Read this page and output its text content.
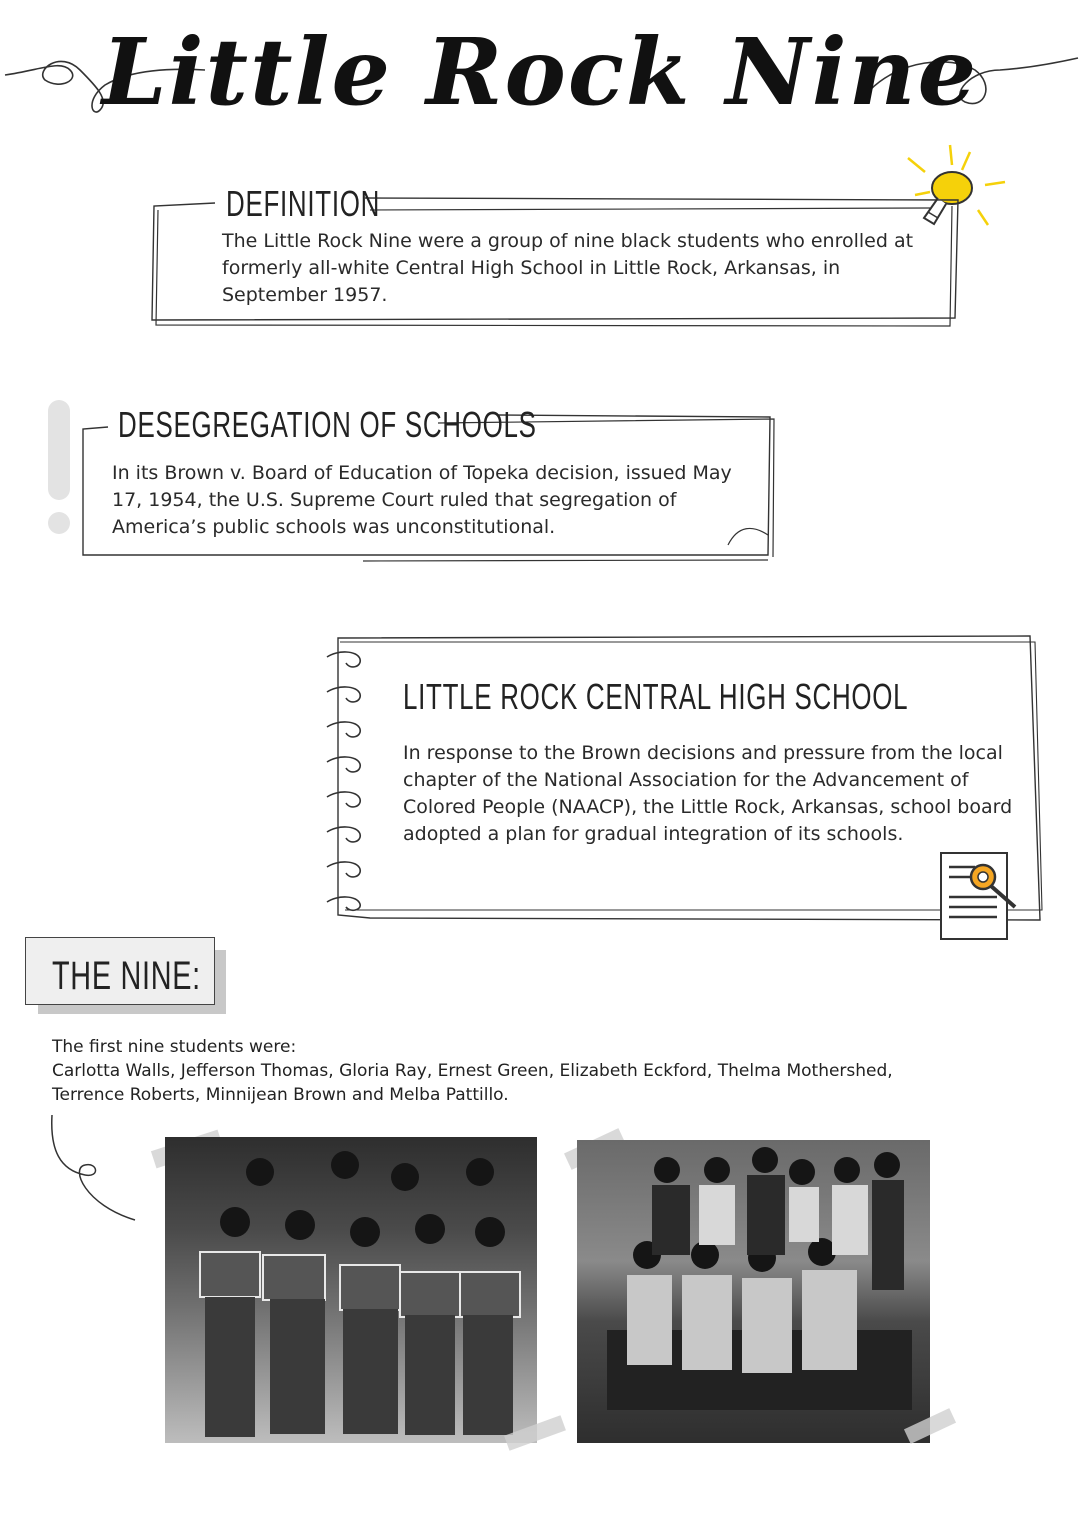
Little Rock Nine
DEFINITION
The Little Rock Nine were a group of nine black students who enrolled at formerly all-white Central High School in Little Rock, Arkansas, in September 1957.
DESEGREGATION OF SCHOOLS
In its Brown v. Board of Education of Topeka decision, issued May 17, 1954, the U.S. Supreme Court ruled that segregation of America’s public schools was unconstitutional.
LITTLE ROCK CENTRAL HIGH SCHOOL
In response to the Brown decisions and pressure from the local chapter of the National Association for the Advancement of Colored People (NAACP), the Little Rock, Arkansas, school board adopted a plan for gradual integration of its schools.
THE NINE:
The first nine students were:
Carlotta Walls, Jefferson Thomas, Gloria Ray, Ernest Green, Elizabeth Eckford, Thelma Mothershed,
Terrence Roberts, Minnijean Brown and Melba Pattillo.
